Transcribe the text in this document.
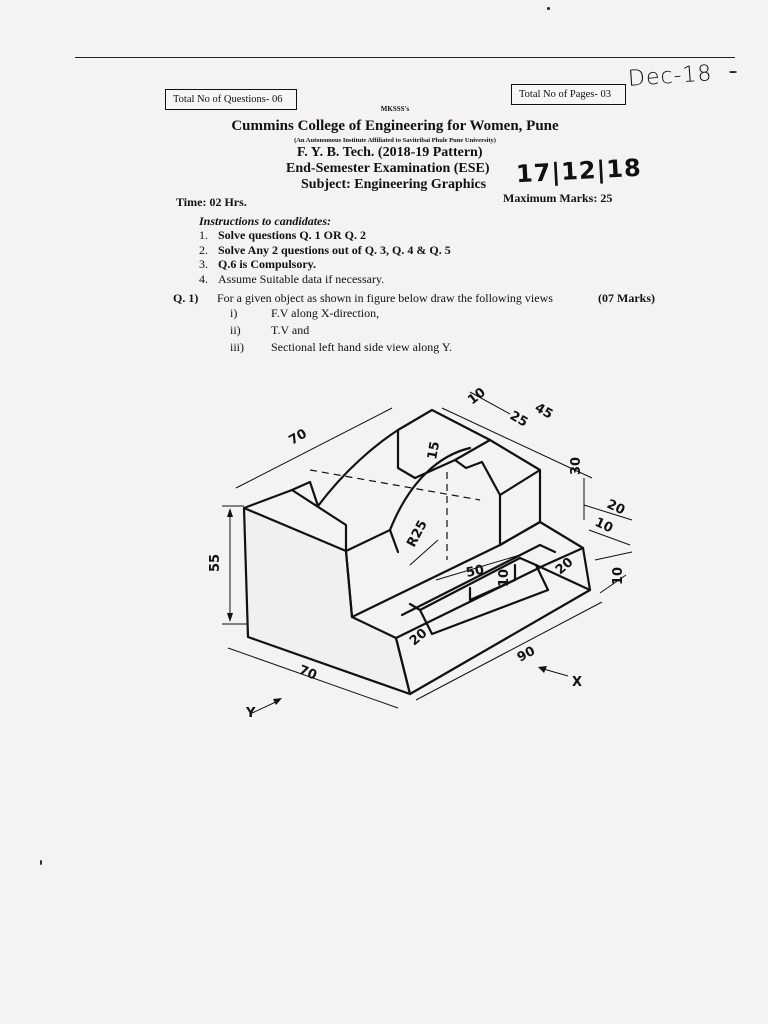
Dec-18
Total No of Questions- 06	Total No of Pages- 03
MKSSS's
Cummins College of Engineering for Women, Pune
(An Autonomous Institute Affiliated to Savitribai Phule Pune University)
F. Y. B. Tech. (2018-19 Pattern)
End-Semester Examination (ESE) 17|12|18
Subject: Engineering Graphics
Time: 02 Hrs.	Maximum Marks: 25
Instructions to candidates:
1. Solve questions Q. 1 OR Q. 2
2. Solve Any 2 questions out of Q. 3, Q. 4 & Q. 5
3. Q.6 is Compulsory.
4. Assume Suitable data if necessary.
Q. 1) For a given object as shown in figure below draw the following views	(07 Marks)
i)	F.V along X-direction,
ii)	T.V and
iii) Sectional left hand side view along Y.
10
45
25
70
15
30
20
10
R25
55	50 10	20	10
20
90
70	X
Y
